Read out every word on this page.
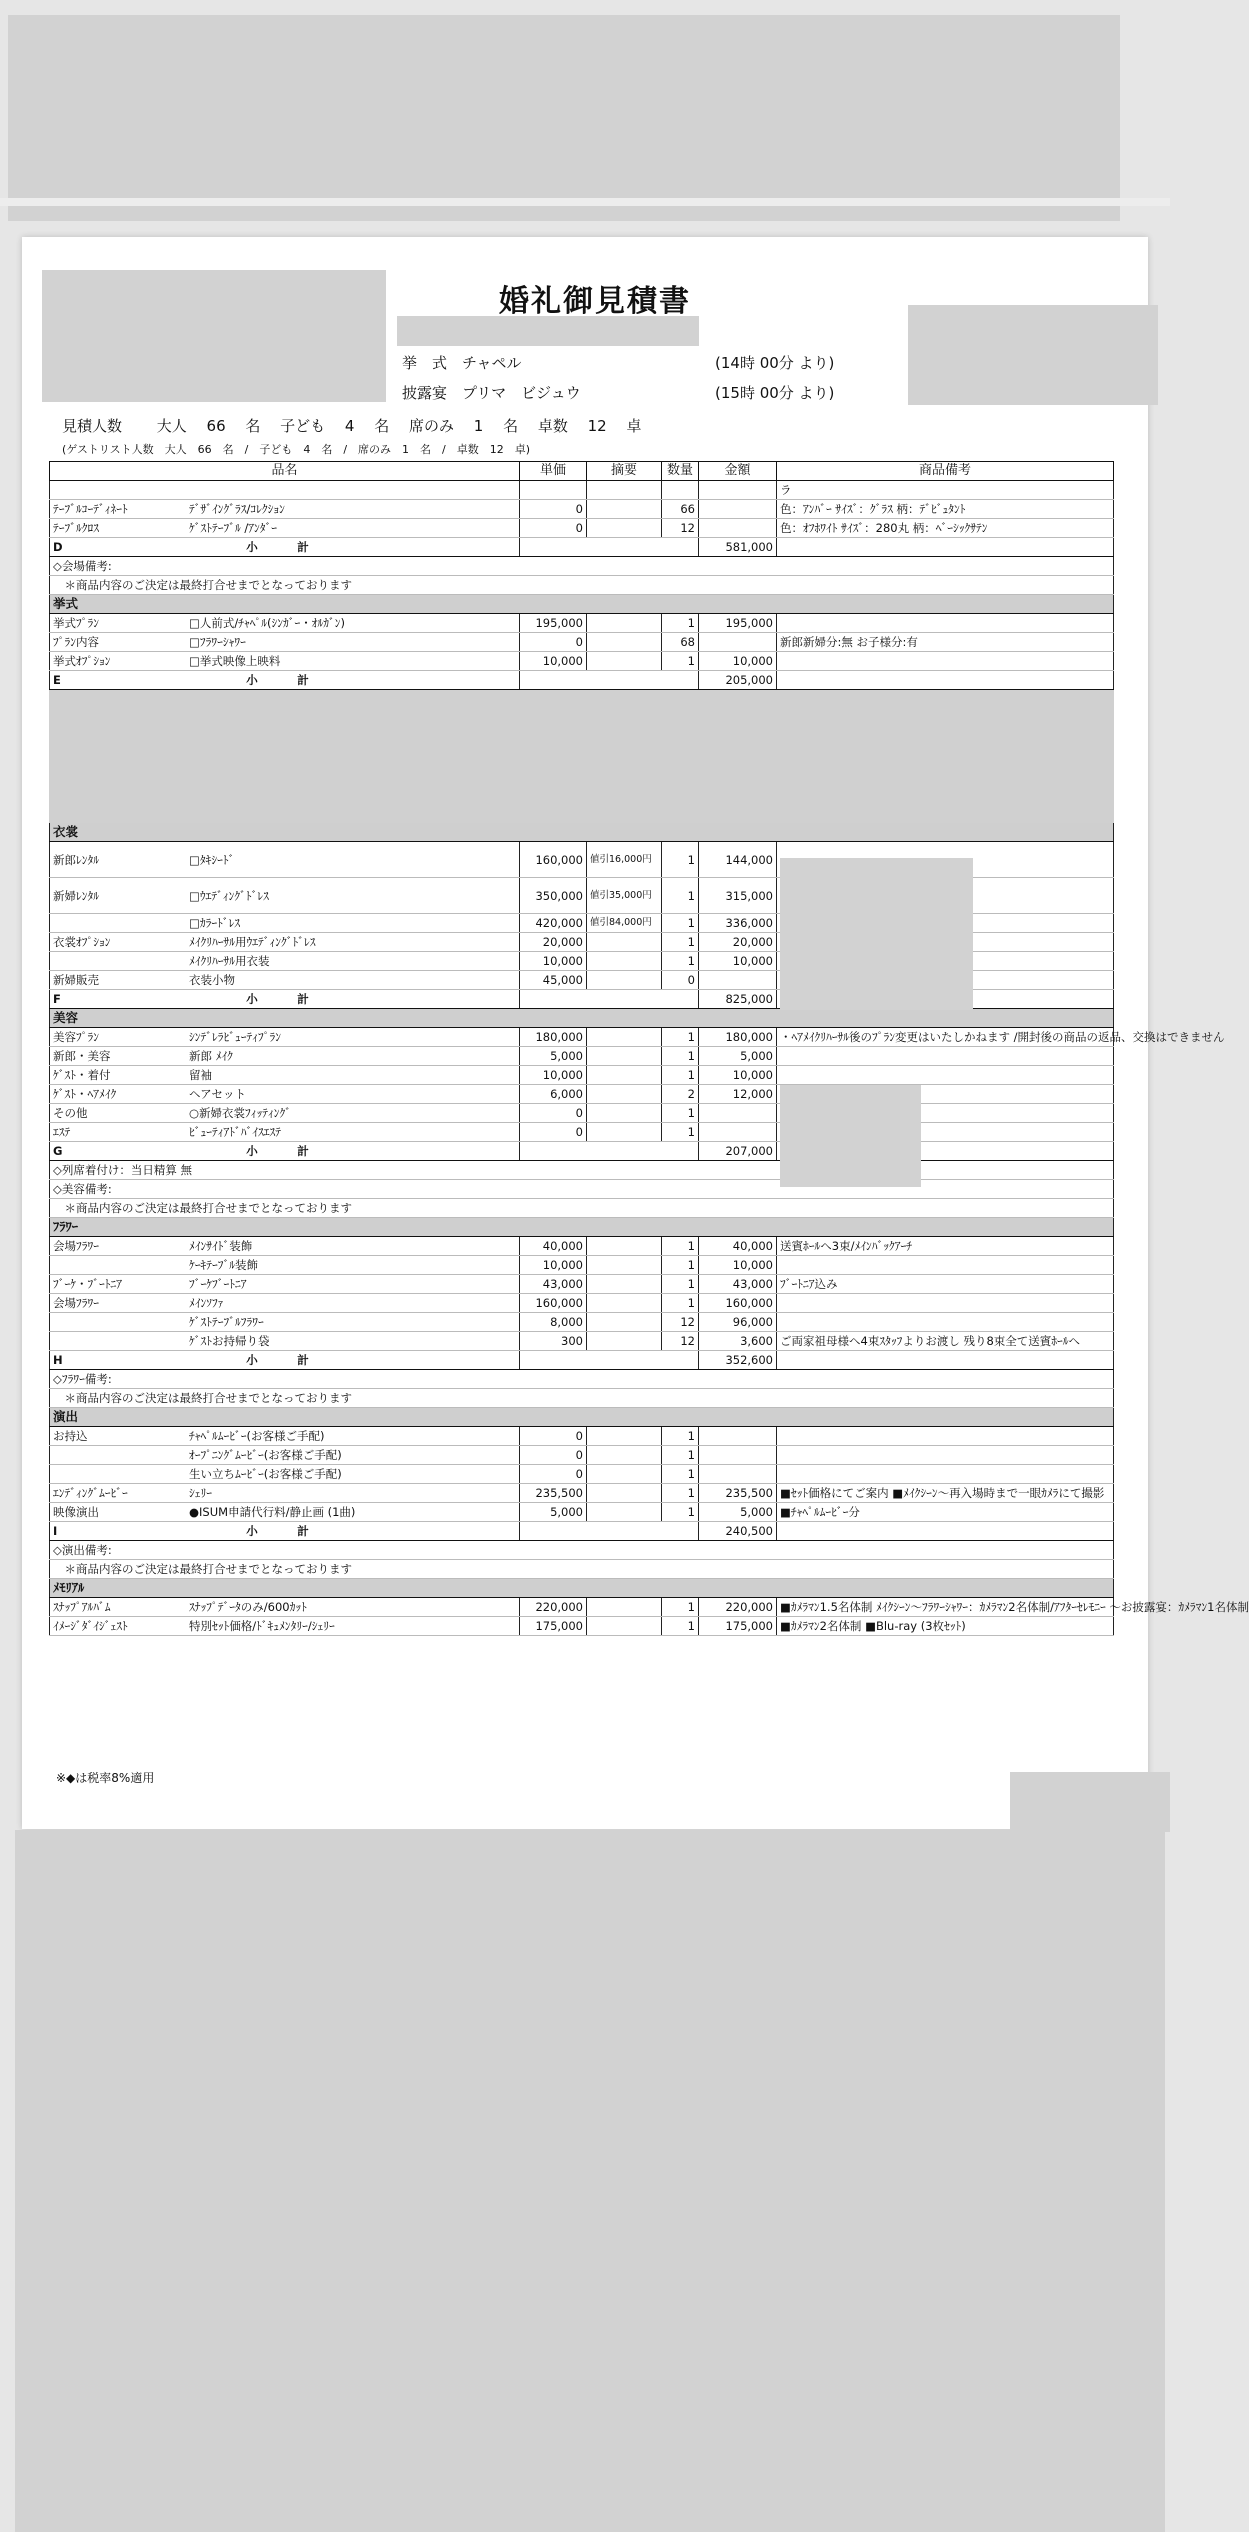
婚礼御見積書
挙　式 チャペル	(14時 00分 より)
披露宴 プリマ　ビジュウ	(15時 00分 より)
見積人数　　 大人　 66　 名　 子ども　 4　 名　 席のみ　 1　 名　 卓数　 12　 卓
(ゲストリスト人数　大人　66　名　/　子ども　4　名　/　席のみ　1　名　/　卓数　12　卓)
品名	単価	摘要	数量	金額	商品備考
					ラ
ﾃｰﾌﾞﾙｺｰﾃﾞｨﾈｰﾄ ﾃﾞｻﾞｲﾝｸﾞﾗｽ/ｺﾚｸｼｮﾝ	0		66		色：ｱﾝﾊﾞｰ ｻｲｽﾞ：ｸﾞﾗｽ 柄：ﾃﾞﾋﾞｭﾀﾝﾄ
ﾃｰﾌﾞﾙｸﾛｽ ｹﾞｽﾄﾃｰﾌﾞﾙ /ｱﾝﾀﾞｰ	0		12		色：ｵﾌﾎﾜｲﾄ ｻｲｽﾞ：280丸 柄：ﾍﾞｰｼｯｸｻﾃﾝ

D 小　計				581,000	
◇会場備考:					
　＊商品内容のご決定は最終打合せまでとなっております					
挙式					
挙式ﾌﾟﾗﾝ □人前式/ﾁｬﾍﾟﾙ(ｼﾝｶﾞｰ・ｵﾙｶﾞﾝ)	195,000		1	195,000	
ﾌﾟﾗﾝ内容 □ﾌﾗﾜｰｼｬﾜｰ	0		68		新郎新婦分:無 お子様分:有
挙式ｵﾌﾟｼｮﾝ □挙式映像上映料	10,000		1	10,000	

E 小　計				205,000	

衣裳					
新郎ﾚﾝﾀﾙ □ﾀｷｼｰﾄﾞ	160,000	値引16,000円	1	144,000	
新婦ﾚﾝﾀﾙ □ｳｴﾃﾞｨﾝｸﾞﾄﾞﾚｽ	350,000	値引35,000円	1	315,000	
□ｶﾗｰﾄﾞﾚｽ	420,000	値引84,000円	1	336,000	
衣裳ｵﾌﾟｼｮﾝ ﾒｲｸﾘﾊｰｻﾙ用ｳｴﾃﾞｨﾝｸﾞﾄﾞﾚｽ	20,000		1	20,000	
ﾒｲｸﾘﾊｰｻﾙ用衣装	10,000		1	10,000	
新婦販売 衣装小物	45,000		0		

F 小　計				825,000	
美容					
美容ﾌﾟﾗﾝ ｼﾝﾃﾞﾚﾗﾋﾞｭｰﾃｨﾌﾟﾗﾝ	180,000		1	180,000	・ﾍｱﾒｲｸﾘﾊｰｻﾙ後のﾌﾟﾗﾝ変更はいたしかねます /開封後の商品の返品、交換はできません
新郎・美容 新郎 ﾒｲｸ	5,000		1	5,000	
ｹﾞｽﾄ・着付 留袖	10,000		1	10,000	
ｹﾞｽﾄ・ﾍｱﾒｲｸ ヘアセット	6,000		2	12,000	
その他 ○新婦衣裳ﾌｨｯﾃｨﾝｸﾞ	0		1		
ｴｽﾃ ﾋﾞｭｰﾃｨｱﾄﾞﾊﾞｲｽｴｽﾃ	0		1		

G 小　計				207,000	
◇列席着付け：当日精算 無					
◇美容備考:					
　＊商品内容のご決定は最終打合せまでとなっております					
ﾌﾗﾜｰ					
会場ﾌﾗﾜｰ ﾒｲﾝｻｲﾄﾞ装飾	40,000		1	40,000	送賓ﾎｰﾙへ3束/ﾒｲﾝﾊﾞｯｸｱｰﾁ
ｹｰｷﾃｰﾌﾞﾙ装飾	10,000		1	10,000	
ﾌﾞｰｹ・ﾌﾞｰﾄﾆｱ ﾌﾞｰｹﾌﾞｰﾄﾆｱ	43,000		1	43,000	ﾌﾞｰﾄﾆｱ込み
会場ﾌﾗﾜｰ ﾒｲﾝｿﾌｧ	160,000		1	160,000	
ｹﾞｽﾄﾃｰﾌﾞﾙﾌﾗﾜｰ	8,000		12	96,000	
ｹﾞｽﾄお持帰り袋	300		12	3,600	ご両家祖母様へ4束ｽﾀｯﾌよりお渡し 残り8束全て送賓ﾎｰﾙへ

H 小　計				352,600	
◇ﾌﾗﾜｰ備考:					
　＊商品内容のご決定は最終打合せまでとなっております					
演出					
お持込 ﾁｬﾍﾟﾙﾑｰﾋﾞｰ(お客様ご手配)	0		1		
ｵｰﾌﾟﾆﾝｸﾞﾑｰﾋﾞｰ(お客様ご手配)	0		1		
生い立ちﾑｰﾋﾞｰ(お客様ご手配)	0		1		
ｴﾝﾃﾞｨﾝｸﾞﾑｰﾋﾞｰ ｼｪﾘｰ	235,500		1	235,500	■ｾｯﾄ価格にてご案内 ■ﾒｲｸｼｰﾝ～再入場時まで一眼ｶﾒﾗにて撮影
映像演出 ●ISUM申請代行料/静止画 (1曲)	5,000		1	5,000	■ﾁｬﾍﾟﾙﾑｰﾋﾞｰ分

I 小　計				240,500	
◇演出備考:					
　＊商品内容のご決定は最終打合せまでとなっております					
ﾒﾓﾘｱﾙ					
ｽﾅｯﾌﾟｱﾙﾊﾞﾑ ｽﾅｯﾌﾟﾃﾞｰﾀのみ/600ｶｯﾄ	220,000		1	220,000	■ｶﾒﾗﾏﾝ1.5名体制 ﾒｲｸｼｰﾝ～ﾌﾗﾜｰｼｬﾜｰ：ｶﾒﾗﾏﾝ2名体制/ｱﾌﾀｰｾﾚﾓﾆｰ ～お披露宴：ｶﾒﾗﾏﾝ1名体制
ｲﾒｰｼﾞﾀﾞｲｼﾞｪｽﾄ 特別ｾｯﾄ価格/ﾄﾞｷｭﾒﾝﾀﾘｰ/ｼｪﾘｰ	175,000		1	175,000	■ｶﾒﾗﾏﾝ2名体制 ■Blu-ray (3枚ｾｯﾄ)
※◆は税率8%適用
